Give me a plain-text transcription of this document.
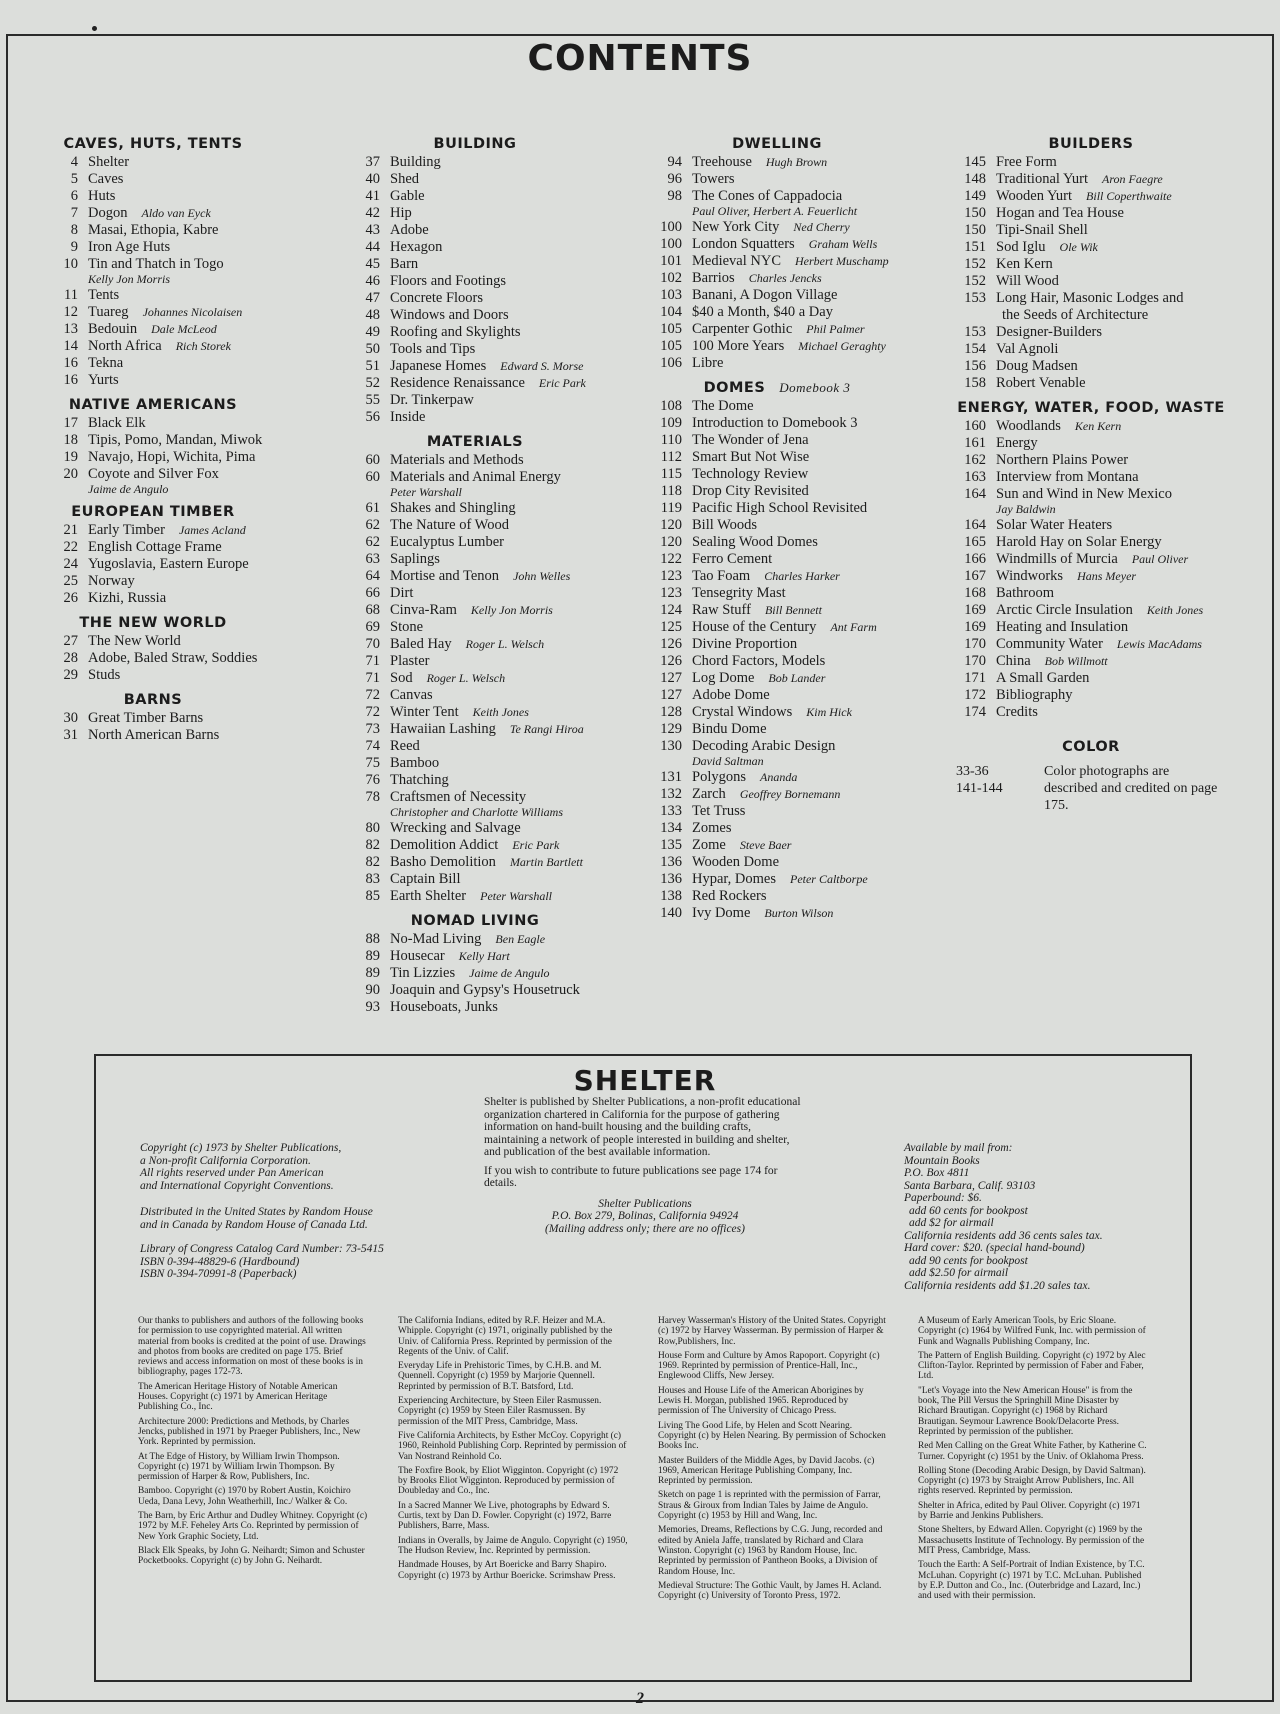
CONTENTS
CAVES, HUTS, TENTS
4 Shelter
5 Caves
6 Huts
7 Dogon Aldo van Eyck
8 Masai, Ethopia, Kabre
9 Iron Age Huts
10 Tin and Thatch in Togo
Kelly Jon Morris
11 Tents
12 Tuareg Johannes Nicolaisen
13 Bedouin Dale McLeod
14 North Africa Rich Storek
16 Tekna
16 Yurts
NATIVE AMERICANS
17 Black Elk
18 Tipis, Pomo, Mandan, Miwok
19 Navajo, Hopi, Wichita, Pima
20 Coyote and Silver Fox
Jaime de Angulo
EUROPEAN TIMBER
21 Early Timber James Acland
22 English Cottage Frame
24 Yugoslavia, Eastern Europe
25 Norway
26 Kizhi, Russia
THE NEW WORLD
27 The New World
28 Adobe, Baled Straw, Soddies
29 Studs
BARNS
30 Great Timber Barns
31 North American Barns
BUILDING
37 Building
40 Shed
41 Gable
42 Hip
43 Adobe
44 Hexagon
45 Barn
46 Floors and Footings
47 Concrete Floors
48 Windows and Doors
49 Roofing and Skylights
50 Tools and Tips
51 Japanese Homes Edward S. Morse
52 Residence Renaissance Eric Park
55 Dr. Tinkerpaw
56 Inside
MATERIALS
60 Materials and Methods
60 Materials and Animal Energy
Peter Warshall
61 Shakes and Shingling
62 The Nature of Wood
62 Eucalyptus Lumber
63 Saplings
64 Mortise and Tenon John Welles
66 Dirt
68 Cinva-Ram Kelly Jon Morris
69 Stone
70 Baled Hay Roger L. Welsch
71 Plaster
71 Sod Roger L. Welsch
72 Canvas
72 Winter Tent Keith Jones
73 Hawaiian Lashing Te Rangi Hiroa
74 Reed
75 Bamboo
76 Thatching
78 Craftsmen of Necessity
Christopher and Charlotte Williams
80 Wrecking and Salvage
82 Demolition Addict Eric Park
82 Basho Demolition Martin Bartlett
83 Captain Bill
85 Earth Shelter Peter Warshall
NOMAD LIVING
88 No-Mad Living Ben Eagle
89 Housecar Kelly Hart
89 Tin Lizzies Jaime de Angulo
90 Joaquin and Gypsy's Housetruck
93 Houseboats, Junks
DWELLING
94 Treehouse Hugh Brown
96 Towers
98 The Cones of Cappadocia
Paul Oliver, Herbert A. Feuerlicht
100 New York City Ned Cherry
100 London Squatters Graham Wells
101 Medieval NYC Herbert Muschamp
102 Barrios Charles Jencks
103 Banani, A Dogon Village
104 $40 a Month, $40 a Day
105 Carpenter Gothic Phil Palmer
105 100 More Years Michael Geraghty
106 Libre
DOMES Domebook 3
108 The Dome
109 Introduction to Domebook 3
110 The Wonder of Jena
112 Smart But Not Wise
115 Technology Review
118 Drop City Revisited
119 Pacific High School Revisited
120 Bill Woods
120 Sealing Wood Domes
122 Ferro Cement
123 Tao Foam Charles Harker
123 Tensegrity Mast
124 Raw Stuff Bill Bennett
125 House of the Century Ant Farm
126 Divine Proportion
126 Chord Factors, Models
127 Log Dome Bob Lander
127 Adobe Dome
128 Crystal Windows Kim Hick
129 Bindu Dome
130 Decoding Arabic Design
David Saltman
131 Polygons Ananda
132 Zarch Geoffrey Bornemann
133 Tet Truss
134 Zomes
135 Zome Steve Baer
136 Wooden Dome
136 Hypar, Domes Peter Caltborpe
138 Red Rockers
140 Ivy Dome Burton Wilson
BUILDERS
145 Free Form
148 Traditional Yurt Aron Faegre
149 Wooden Yurt Bill Coperthwaite
150 Hogan and Tea House
150 Tipi-Snail Shell
151 Sod Iglu Ole Wik
152 Ken Kern
152 Will Wood
153 Long Hair, Masonic Lodges and
the Seeds of Architecture
153 Designer-Builders
154 Val Agnoli
156 Doug Madsen
158 Robert Venable
ENERGY, WATER, FOOD, WASTE
160 Woodlands Ken Kern
161 Energy
162 Northern Plains Power
163 Interview from Montana
164 Sun and Wind in New Mexico
Jay Baldwin
164 Solar Water Heaters
165 Harold Hay on Solar Energy
166 Windmills of Murcia Paul Oliver
167 Windworks Hans Meyer
168 Bathroom
169 Arctic Circle Insulation Keith Jones
169 Heating and Insulation
170 Community Water Lewis MacAdams
170 China Bob Willmott
171 A Small Garden
172 Bibliography
174 Credits
COLOR
33-36
141-144
Color photographs are described and credited on page 175.
SHELTER
Shelter is published by Shelter Publications, a non-profit educational organization chartered in California for the purpose of gathering information on hand-built housing and the building crafts, maintaining a network of people interested in building and shelter, and publication of the best available information.
If you wish to contribute to future publications see page 174 for details.
Shelter Publications
P.O. Box 279, Bolinas, California 94924
(Mailing address only; there are no offices)
Copyright (c) 1973 by Shelter Publications,
a Non-profit California Corporation.
All rights reserved under Pan American
and International Copyright Conventions.
Distributed in the United States by Random House
and in Canada by Random House of Canada Ltd.
Library of Congress Catalog Card Number: 73-5415
ISBN 0-394-48829-6 (Hardbound)
ISBN 0-394-70991-8 (Paperback)
Available by mail from:
Mountain Books
P.O. Box 4811
Santa Barbara, Calif. 93103
Paperbound: $6.
add 60 cents for bookpost
add $2 for airmail
California residents add 36 cents sales tax.
Hard cover: $20. (special hand-bound)
add 90 cents for bookpost
add $2.50 for airmail
California residents add $1.20 sales tax.

Our thanks to publishers and authors of the following books for permission to use copyrighted material. All written material from books is credited at the point of use. Drawings and photos from books are credited on page 175. Brief reviews and access information on most of these books is in bibliography, pages 172-73.

The American Heritage History of Notable American Houses. Copyright (c) 1971 by American Heritage Publishing Co., Inc.

Architecture 2000: Predictions and Methods, by Charles Jencks, published in 1971 by Praeger Publishers, Inc., New York. Reprinted by permission.

At The Edge of History, by William Irwin Thompson. Copyright (c) 1971 by William Irwin Thompson. By permission of Harper & Row, Publishers, Inc.

Bamboo. Copyright (c) 1970 by Robert Austin, Koichiro Ueda, Dana Levy, John Weatherhill, Inc./ Walker & Co.

The Barn, by Eric Arthur and Dudley Whitney. Copyright (c) 1972 by M.F. Feheley Arts Co. Reprinted by permission of New York Graphic Society, Ltd.

Black Elk Speaks, by John G. Neihardt; Simon and Schuster Pocketbooks. Copyright (c) by John G. Neihardt.

The California Indians, edited by R.F. Heizer and M.A. Whipple. Copyright (c) 1971, originally published by the Univ. of California Press. Reprinted by permission of the Regents of the Univ. of Calif.

Everyday Life in Prehistoric Times, by C.H.B. and M. Quennell. Copyright (c) 1959 by Marjorie Quennell. Reprinted by permission of B.T. Batsford, Ltd.

Experiencing Architecture, by Steen Eiler Rasmussen. Copyright (c) 1959 by Steen Eiler Rasmussen. By permission of the MIT Press, Cambridge, Mass.

Five California Architects, by Esther McCoy. Copyright (c) 1960, Reinhold Publishing Corp. Reprinted by permission of Van Nostrand Reinhold Co.

The Foxfire Book, by Eliot Wigginton. Copyright (c) 1972 by Brooks Eliot Wigginton. Reproduced by permission of Doubleday and Co., Inc.

In a Sacred Manner We Live, photographs by Edward S. Curtis, text by Dan D. Fowler. Copyright (c) 1972, Barre Publishers, Barre, Mass.

Indians in Overalls, by Jaime de Angulo. Copyright (c) 1950, The Hudson Review, Inc. Reprinted by permission.

Handmade Houses, by Art Boericke and Barry Shapiro. Copyright (c) 1973 by Arthur Boericke. Scrimshaw Press.

Harvey Wasserman's History of the United States. Copyright (c) 1972 by Harvey Wasserman. By permission of Harper & Row,Publishers, Inc.

House Form and Culture by Amos Rapoport. Copyright (c) 1969. Reprinted by permission of Prentice-Hall, Inc., Englewood Cliffs, New Jersey.

Houses and House Life of the American Aborigines by Lewis H. Morgan, published 1965. Reproduced by permission of The University of Chicago Press.

Living The Good Life, by Helen and Scott Nearing. Copyright (c) by Helen Nearing. By permission of Schocken Books Inc.

Master Builders of the Middle Ages, by David Jacobs. (c) 1969, American Heritage Publishing Company, Inc. Reprinted by permission.

Sketch on page 1 is reprinted with the permission of Farrar, Straus & Giroux from Indian Tales by Jaime de Angulo. Copyright (c) 1953 by Hill and Wang, Inc.

Memories, Dreams, Reflections by C.G. Jung, recorded and edited by Aniela Jaffe, translated by Richard and Clara Winston. Copyright (c) 1963 by Random House, Inc. Reprinted by permission of Pantheon Books, a Division of Random House, Inc.

Medieval Structure: The Gothic Vault, by James H. Acland. Copyright (c) University of Toronto Press, 1972.

A Museum of Early American Tools, by Eric Sloane. Copyright (c) 1964 by Wilfred Funk, Inc. with permission of Funk and Wagnalls Publishing Company, Inc.

The Pattern of English Building. Copyright (c) 1972 by Alec Clifton-Taylor. Reprinted by permission of Faber and Faber, Ltd.

"Let's Voyage into the New American House" is from the book, The Pill Versus the Springhill Mine Disaster by Richard Brautigan. Copyright (c) 1968 by Richard Brautigan. Seymour Lawrence Book/Delacorte Press. Reprinted by permission of the publisher.

Red Men Calling on the Great White Father, by Katherine C. Turner. Copyright (c) 1951 by the Univ. of Oklahoma Press.

Rolling Stone (Decoding Arabic Design, by David Saltman). Copyright (c) 1973 by Straight Arrow Publishers, Inc. All rights reserved. Reprinted by permission.

Shelter in Africa, edited by Paul Oliver. Copyright (c) 1971 by Barrie and Jenkins Publishers.

Stone Shelters, by Edward Allen. Copyright (c) 1969 by the Massachusetts Institute of Technology. By permission of the MIT Press, Cambridge, Mass.

Touch the Earth: A Self-Portrait of Indian Existence, by T.C. McLuhan. Copyright (c) 1971 by T.C. McLuhan. Published by E.P. Dutton and Co., Inc. (Outerbridge and Lazard, Inc.) and used with their permission.

2
